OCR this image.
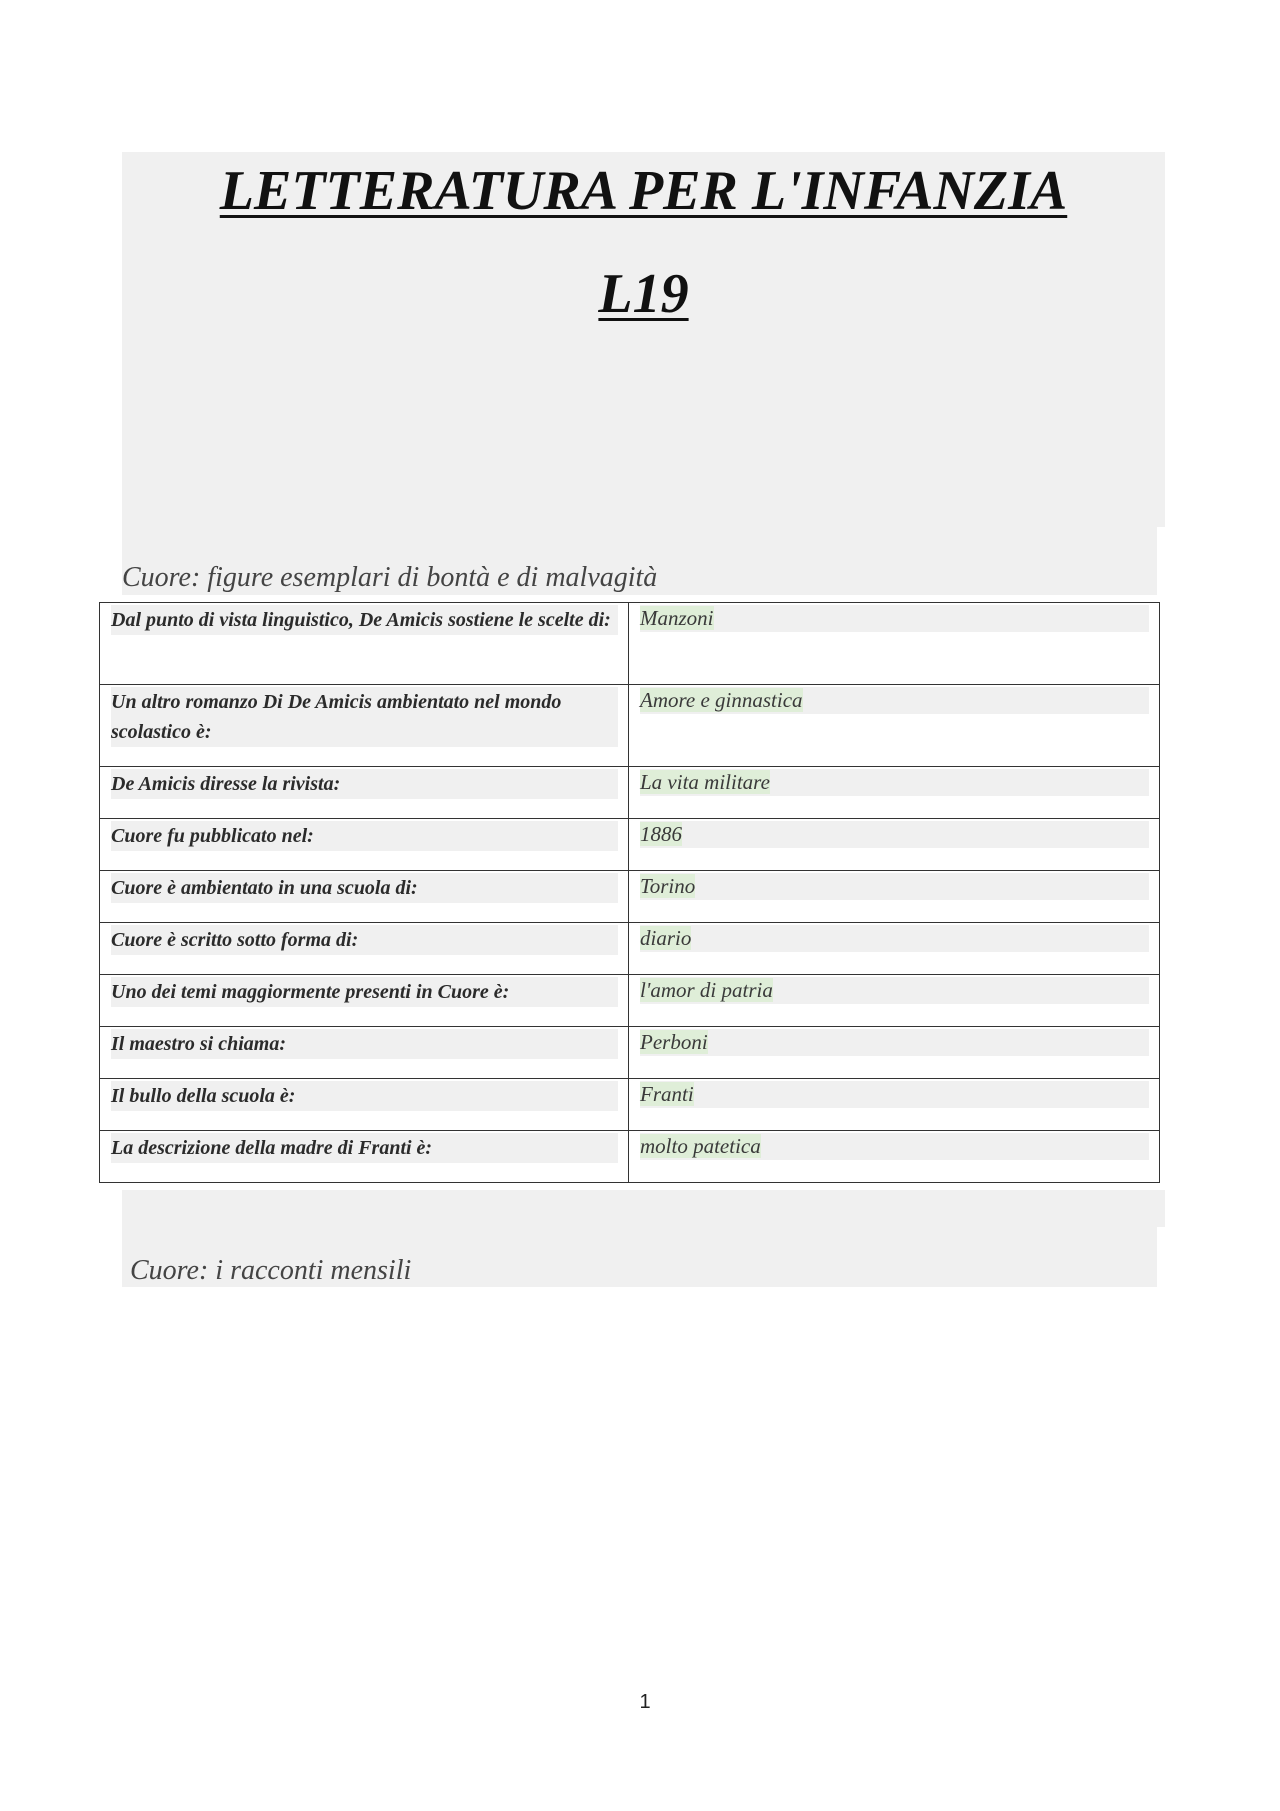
LETTERATURA PER L'INFANZIA
L19
Cuore: figure esemplari di bontà e di malvagità
Dal punto di vista linguistico, De Amicis sostiene le scelte di:	Manzoni

Un altro romanzo Di De Amicis ambientato nel mondo scolastico è:	Amore e ginnastica

De Amicis diresse la rivista:	La vita militare

Cuore fu pubblicato nel:	1886

Cuore è ambientato in una scuola di:	Torino

Cuore è scritto sotto forma di:	diario

Uno dei temi maggiormente presenti in Cuore è:	l'amor di patria

Il maestro si chiama:	Perboni

Il bullo della scuola è:	Franti

La descrizione della madre di Franti è:	molto patetica
Cuore: i racconti mensili
1
